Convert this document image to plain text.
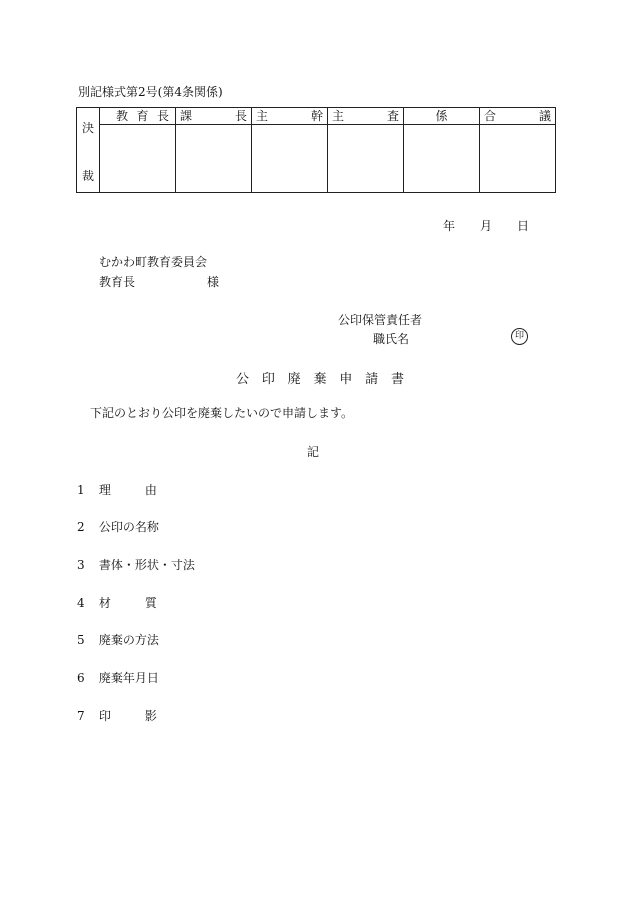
別記様式第2号(第4条関係)
決
裁	教 育 長	課 長	主 幹	主 査	係	合 議

年 月 日
むかわ町教育委員会
教育長	様
公印保管責任者
職氏名	印
公 印 廃 棄 申 請 書
下記のとおり公印を廃棄したいので申請します。
記
1 理	由
2 公印の名称
3 書体・形状・寸法
4 材	質
5 廃棄の方法
6 廃棄年月日
7 印	影
